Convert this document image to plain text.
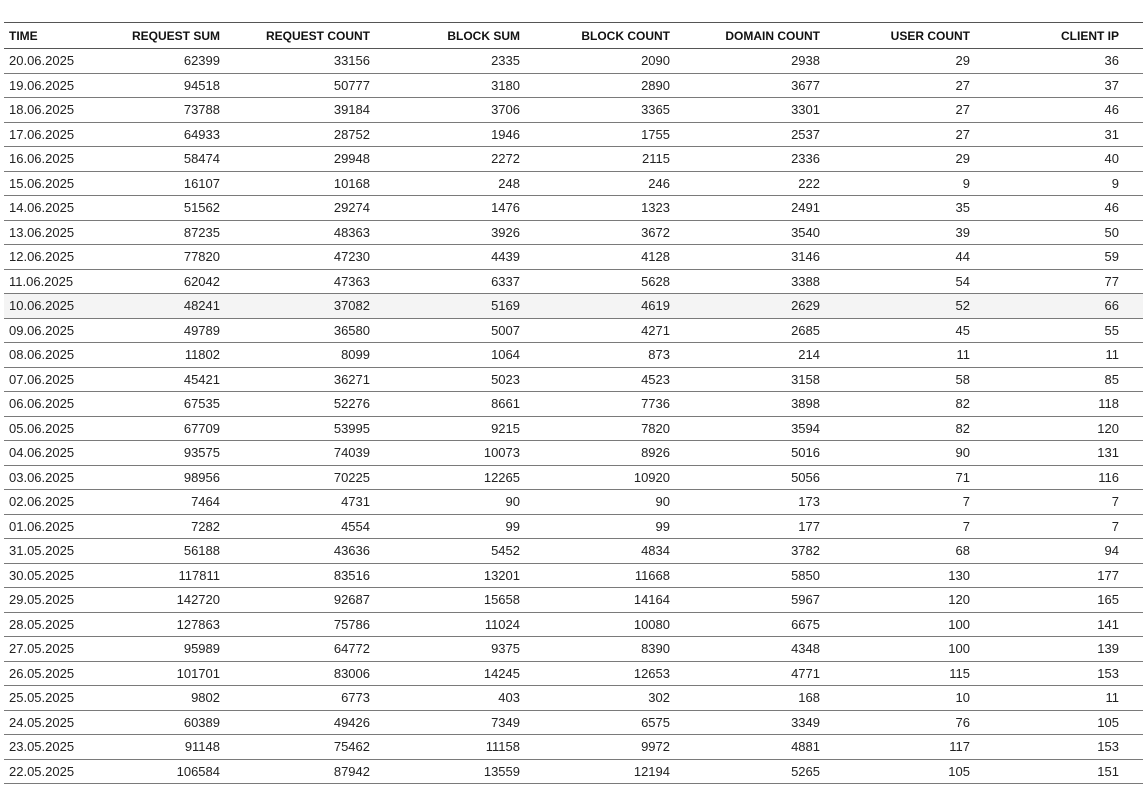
TIME	REQUEST SUM	REQUEST COUNT	BLOCK SUM	BLOCK COUNT	DOMAIN COUNT	USER COUNT	CLIENT IP
20.06.2025	62399	33156	2335	2090	2938	29	36
19.06.2025	94518	50777	3180	2890	3677	27	37
18.06.2025	73788	39184	3706	3365	3301	27	46
17.06.2025	64933	28752	1946	1755	2537	27	31
16.06.2025	58474	29948	2272	2115	2336	29	40
15.06.2025	16107	10168	248	246	222	9	9
14.06.2025	51562	29274	1476	1323	2491	35	46
13.06.2025	87235	48363	3926	3672	3540	39	50
12.06.2025	77820	47230	4439	4128	3146	44	59
11.06.2025	62042	47363	6337	5628	3388	54	77
10.06.2025	48241	37082	5169	4619	2629	52	66
09.06.2025	49789	36580	5007	4271	2685	45	55
08.06.2025	11802	8099	1064	873	214	11	11
07.06.2025	45421	36271	5023	4523	3158	58	85
06.06.2025	67535	52276	8661	7736	3898	82	118
05.06.2025	67709	53995	9215	7820	3594	82	120
04.06.2025	93575	74039	10073	8926	5016	90	131
03.06.2025	98956	70225	12265	10920	5056	71	116
02.06.2025	7464	4731	90	90	173	7	7
01.06.2025	7282	4554	99	99	177	7	7
31.05.2025	56188	43636	5452	4834	3782	68	94
30.05.2025	117811	83516	13201	11668	5850	130	177
29.05.2025	142720	92687	15658	14164	5967	120	165
28.05.2025	127863	75786	11024	10080	6675	100	141
27.05.2025	95989	64772	9375	8390	4348	100	139
26.05.2025	101701	83006	14245	12653	4771	115	153
25.05.2025	9802	6773	403	302	168	10	11
24.05.2025	60389	49426	7349	6575	3349	76	105
23.05.2025	91148	75462	11158	9972	4881	117	153
22.05.2025	106584	87942	13559	12194	5265	105	151
